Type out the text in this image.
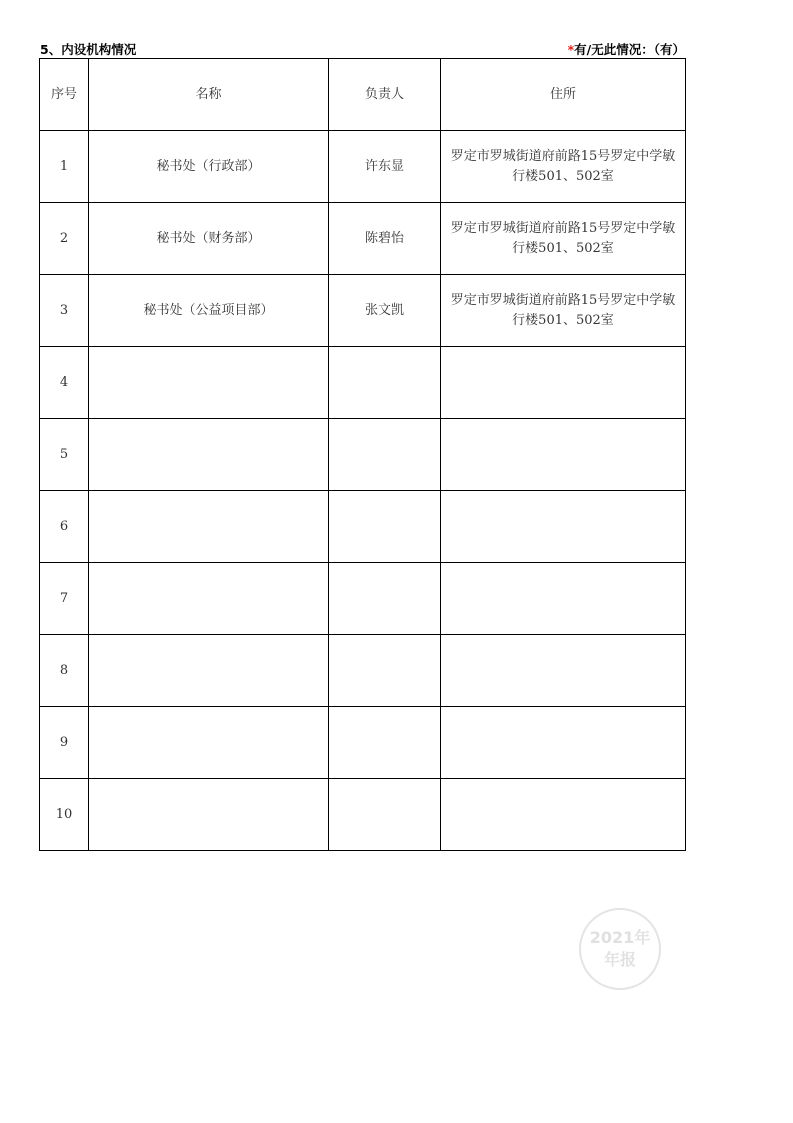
5、内设机构情况	*有/无此情况：（有）
序号	名称	负责人	住所
1	秘书处（行政部）	许东显	罗定市罗城街道府前路15号罗定中学敏行楼501、502室
2	秘书处（财务部）	陈碧怡	罗定市罗城街道府前路15号罗定中学敏行楼501、502室
3	秘书处（公益项目部）	张文凯	罗定市罗城街道府前路15号罗定中学敏行楼501、502室
4			
5			
6			
7			
8			
9			
10			
2021年
年报
